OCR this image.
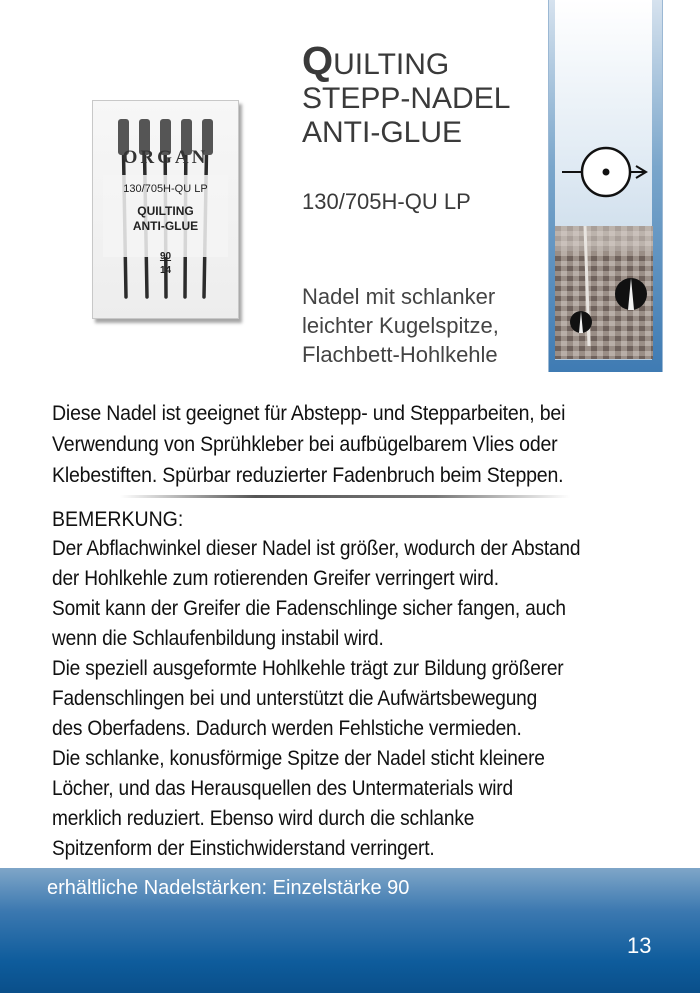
ORGAN
130/705H-QU LP
QUILTING
ANTI-GLUE
90
14
QUILTING
STEPP-NADEL
ANTI-GLUE
130/705H-QU LP
Nadel mit schlanker
leichter Kugelspitze,
Flachbett-Hohlkehle
Diese Nadel ist geeignet für Abstepp- und Stepparbeiten, bei
Verwendung von Sprühkleber bei aufbügelbarem Vlies oder
Klebestiften. Spürbar reduzierter Fadenbruch beim Steppen.
BEMERKUNG:
Der Abflachwinkel dieser Nadel ist größer, wodurch der Abstand
der Hohlkehle zum rotierenden Greifer verringert wird.
Somit kann der Greifer die Fadenschlinge sicher fangen, auch
wenn die Schlaufenbildung instabil wird.
Die speziell ausgeformte Hohlkehle trägt zur Bildung größerer
Fadenschlingen bei und unterstützt die Aufwärtsbewegung
des Oberfadens. Dadurch werden Fehlstiche vermieden.
Die schlanke, konusförmige Spitze der Nadel sticht kleinere
Löcher, und das Herausquellen des Untermaterials wird
merklich reduziert. Ebenso wird durch die schlanke
Spitzenform der Einstichwiderstand verringert.
erhältliche Nadelstärken: Einzelstärke 90
13
